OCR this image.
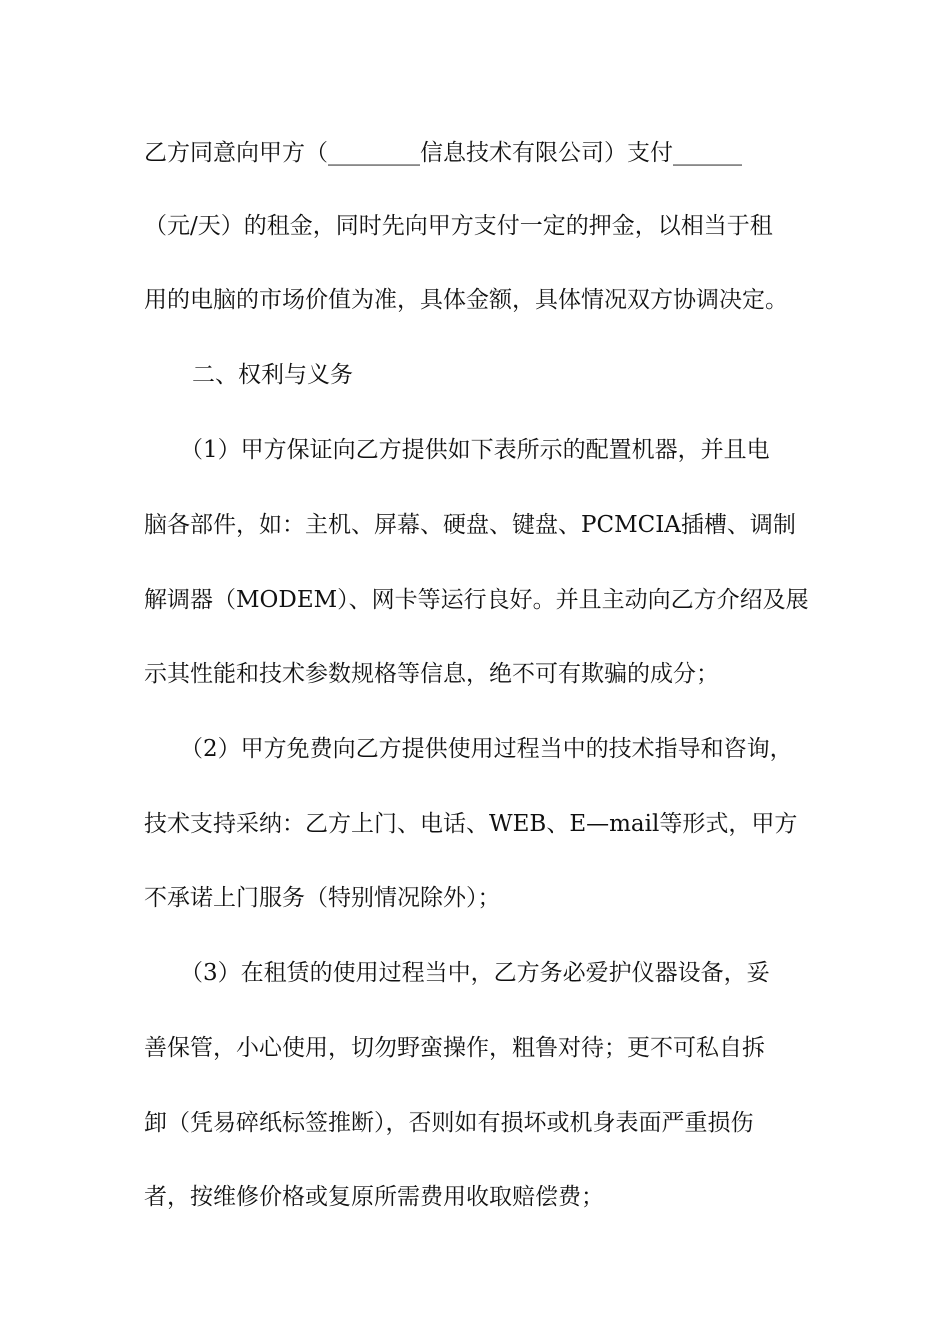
乙方同意向甲方（________信息技术有限公司）支付______
（元/天）的租金，同时先向甲方支付一定的押金，以相当于租
用的电脑的市场价值为准，具体金额，具体情况双方协调决定。
二、权利与义务
（1）甲方保证向乙方提供如下表所示的配置机器，并且电
脑各部件，如：主机、屏幕、硬盘、键盘、PCMCIA插槽、调制
解调器（MODEM）、网卡等运行良好。并且主动向乙方介绍及展
示其性能和技术参数规格等信息，绝不可有欺骗的成分；
（2）甲方免费向乙方提供使用过程当中的技术指导和咨询，
技术支持采纳：乙方上门、电话、WEB、E—mail等形式，甲方
不承诺上门服务（特别情况除外）；
（3）在租赁的使用过程当中，乙方务必爱护仪器设备，妥
善保管，小心使用，切勿野蛮操作，粗鲁对待；更不可私自拆
卸（凭易碎纸标签推断），否则如有损坏或机身表面严重损伤
者，按维修价格或复原所需费用收取赔偿费；
